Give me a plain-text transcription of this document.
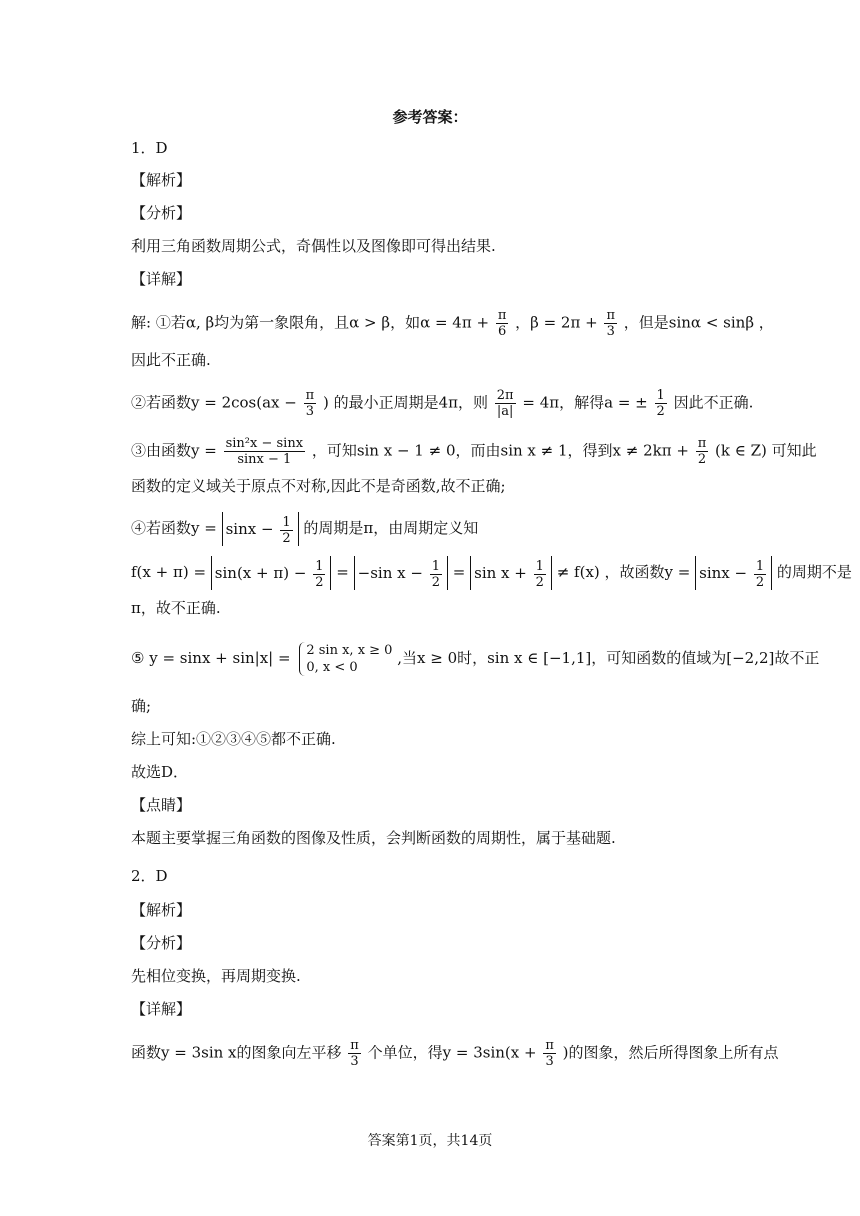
参考答案：
1．D
【解析】
【分析】
利用三角函数周期公式，奇偶性以及图像即可得出结果.
【详解】
解: ①若α, β均为第一象限角，且α > β，如$\alpha = 4\pi + \frac{\pi}{6}$ ，$\beta = 2\pi + \frac{\pi}{3}$ ，但是sinα < sinβ ，
因此不正确.
②若函数$y = 2\cos(ax - \frac{\pi}{3}$ ) 的最小正周期是4π，则 $\frac{2\pi}{|a|} = 4\pi$，解得a = ± $\frac{1}{2}$ 因此不正确.
③由函数$y = \frac{\text{sin²x − sinx}}{\sin x - 1}$ ，可知sin x − 1 ≠ 0，而由sin x ≠ 1，得到$x \ne 2k\pi + \frac{\pi}{2} (k$ ∈ Z) 可知此
函数的定义域关于原点不对称,因此不是奇函数,故不正确;
④若函数$y = \sin x - \frac{1}{2}$ 的周期是π，由周期定义知
$f(x + \pi) = \sin(x + \pi) - \frac{1}{2} = -\sin$ $x - \frac{1}{2} = \sin x + \frac{1}{2} \ne f(x)$ ，故函数$y = \sin x - \frac{1}{2}$ 的周期不是
π，故不正确.
⑤ y = sinx + sin|x| = 2 sin x, x ≥ 0
0, x < 0 ,当x ≥ 0时，sin x ∈ [−1,1]，可知函数的值域为[−2,2]故不正
确;
综上可知:①②③④⑤都不正确.
故选D．
【点睛】
本题主要掌握三角函数的图像及性质，会判断函数的周期性，属于基础题.
2．D
【解析】
【分析】
先相位变换，再周期变换.
【详解】
函数y = 3sin x的图象向左平移 $\frac{\pi}{3}$ 个单位，得$y = 3\sin(x + \frac{\pi}{3}$ )的图象，然后所得图象上所有点
答案第1页，共14页
